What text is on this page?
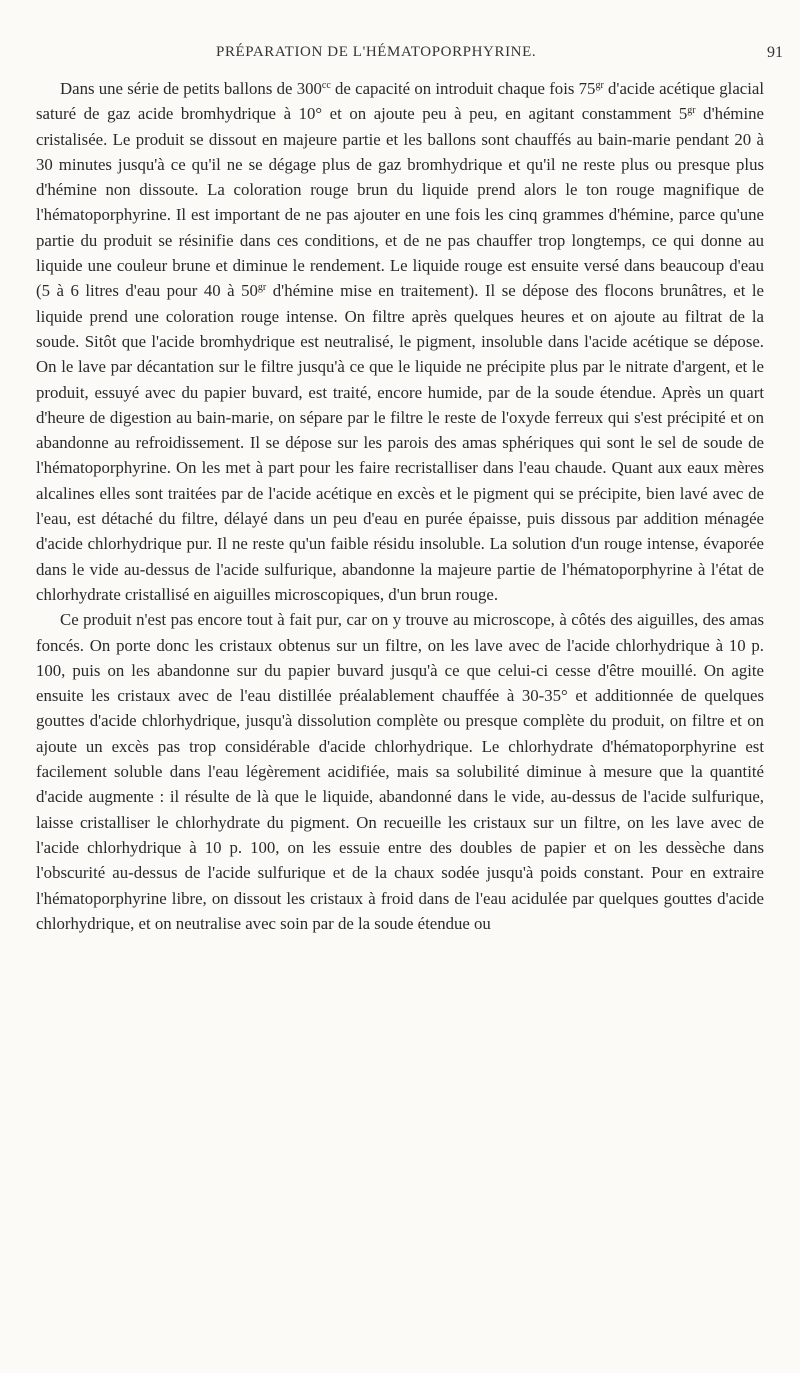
PRÉPARATION DE L'HÉMATOPORPHYRINE.	91

Dans une série de petits ballons de $300^{cc}$ de capacité on introduit chaque fois $75^{gr}$ d'acide acétique glacial saturé de gaz acide bromhydrique à 10° et on ajoute peu à peu, en agitant constamment $5^{gr}$ d'hémine cristalisée. Le produit se dissout en majeure partie et les ballons sont chauffés au bain-marie pendant 20 à 30 minutes jusqu'à ce qu'il ne se dégage plus de gaz bromhydrique et qu'il ne reste plus ou presque plus d'hémine non dissoute. La coloration rouge brun du liquide prend alors le ton rouge magnifique de l'hématoporphyrine. Il est important de ne pas ajouter en une fois les cinq grammes d'hémine, parce qu'une partie du produit se résinifie dans ces conditions, et de ne pas chauffer trop longtemps, ce qui donne au liquide une couleur brune et diminue le rendement. Le liquide rouge est ensuite versé dans beaucoup d'eau (5 à 6 litres d'eau pour 40 à $50^{gr}$ d'hémine mise en traitement). Il se dépose des flocons brunâtres, et le liquide prend une coloration rouge intense. On filtre après quelques heures et on ajoute au filtrat de la soude. Sitôt que l'acide bromhydrique est neutralisé, le pigment, insoluble dans l'acide acétique se dépose. On le lave par décantation sur le filtre jusqu'à ce que le liquide ne précipite plus par le nitrate d'argent, et le produit, essuyé avec du papier buvard, est traité, encore humide, par de la soude étendue. Après un quart d'heure de digestion au bain-marie, on sépare par le filtre le reste de l'oxyde ferreux qui s'est précipité et on abandonne au refroidissement. Il se dépose sur les parois des amas sphériques qui sont le sel de soude de l'hématoporphyrine. On les met à part pour les faire recristalliser dans l'eau chaude. Quant aux eaux mères alcalines elles sont traitées par de l'acide acétique en excès et le pigment qui se précipite, bien lavé avec de l'eau, est détaché du filtre, délayé dans un peu d'eau en purée épaisse, puis dissous par addition ménagée d'acide chlorhydrique pur. Il ne reste qu'un faible résidu insoluble. La solution d'un rouge intense, évaporée dans le vide au-dessus de l'acide sulfurique, abandonne la majeure partie de l'hématoporphyrine à l'état de chlorhydrate cristallisé en aiguilles microscopiques, d'un brun rouge.

Ce produit n'est pas encore tout à fait pur, car on y trouve au microscope, à côtés des aiguilles, des amas foncés. On porte donc les cristaux obtenus sur un filtre, on les lave avec de l'acide chlorhydrique à 10 p. 100, puis on les abandonne sur du papier buvard jusqu'à ce que celui-ci cesse d'être mouillé. On agite ensuite les cristaux avec de l'eau distillée préalablement chauffée à 30-35° et additionnée de quelques gouttes d'acide chlorhydrique, jusqu'à dissolution complète ou presque complète du produit, on filtre et on ajoute un excès pas trop considérable d'acide chlorhydrique. Le chlorhydrate d'hématoporphyrine est facilement soluble dans l'eau légèrement acidifiée, mais sa solubilité diminue à mesure que la quantité d'acide augmente : il résulte de là que le liquide, abandonné dans le vide, au-dessus de l'acide sulfurique, laisse cristalliser le chlorhydrate du pigment. On recueille les cristaux sur un filtre, on les lave avec de l'acide chlorhydrique à 10 p. 100, on les essuie entre des doubles de papier et on les dessèche dans l'obscurité au-dessus de l'acide sulfurique et de la chaux sodée jusqu'à poids constant. Pour en extraire l'hématoporphyrine libre, on dissout les cristaux à froid dans de l'eau acidulée par quelques gouttes d'acide chlorhydrique, et on neutralise avec soin par de la soude étendue ou
